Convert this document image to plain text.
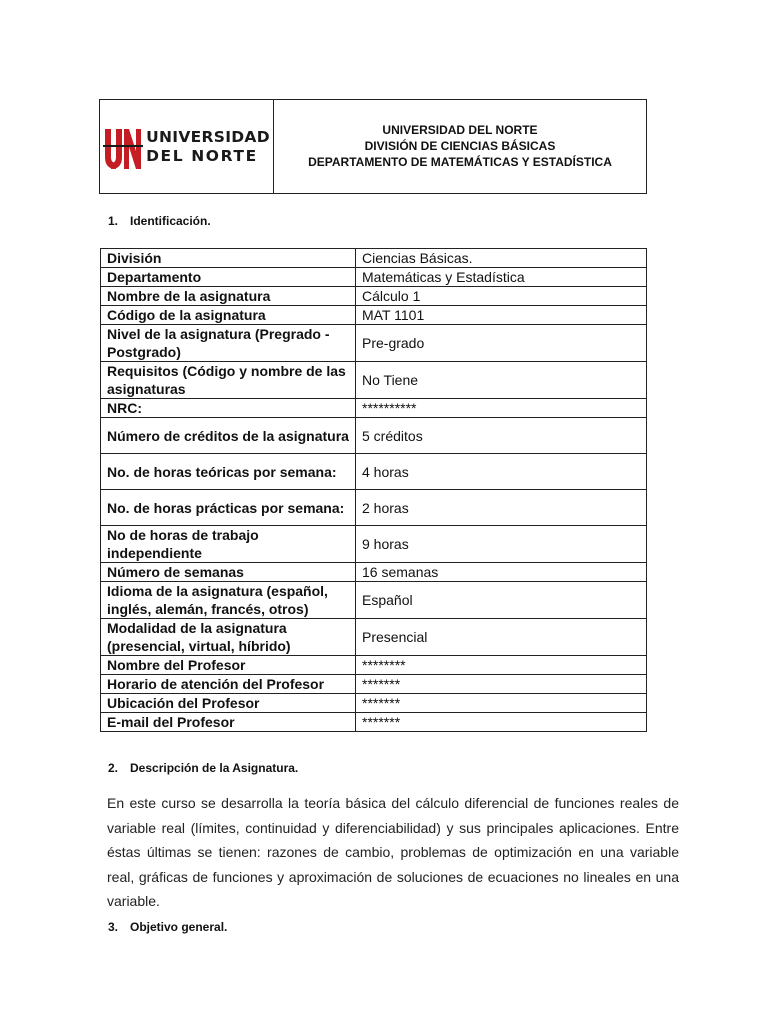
UNIVERSIDAD
DEL NORTE
UNIVERSIDAD DEL NORTE
DIVISIÓN DE CIENCIAS BÁSICAS
DEPARTAMENTO DE MATEMÁTICAS Y ESTADÍSTICA
1. Identificación.
División	Ciencias Básicas.
Departamento	Matemáticas y Estadística
Nombre de la asignatura	Cálculo 1
Código de la asignatura	MAT 1101
Nivel de la asignatura (Pregrado - Postgrado)	Pre-grado
Requisitos (Código y nombre de las asignaturas	No Tiene
NRC:	**********
Número de créditos de la asignatura	5 créditos
No. de horas teóricas por semana:	4 horas
No. de horas prácticas por semana:	2 horas
No de horas de trabajo independiente	9 horas
Número de semanas	16 semanas
Idioma de la asignatura (español, inglés, alemán, francés, otros)	Español
Modalidad de la asignatura (presencial, virtual, híbrido)	Presencial
Nombre del Profesor	********
Horario de atención del Profesor	*******
Ubicación del Profesor	*******
E-mail del Profesor	*******
2. Descripción de la Asignatura.
En este curso se desarrolla la teoría básica del cálculo diferencial de funciones reales de variable real (límites, continuidad y diferenciabilidad) y sus principales aplicaciones. Entre éstas últimas se tienen: razones de cambio, problemas de optimización en una variable real, gráficas de funciones y aproximación de soluciones de ecuaciones no lineales en una variable.
3. Objetivo general.
